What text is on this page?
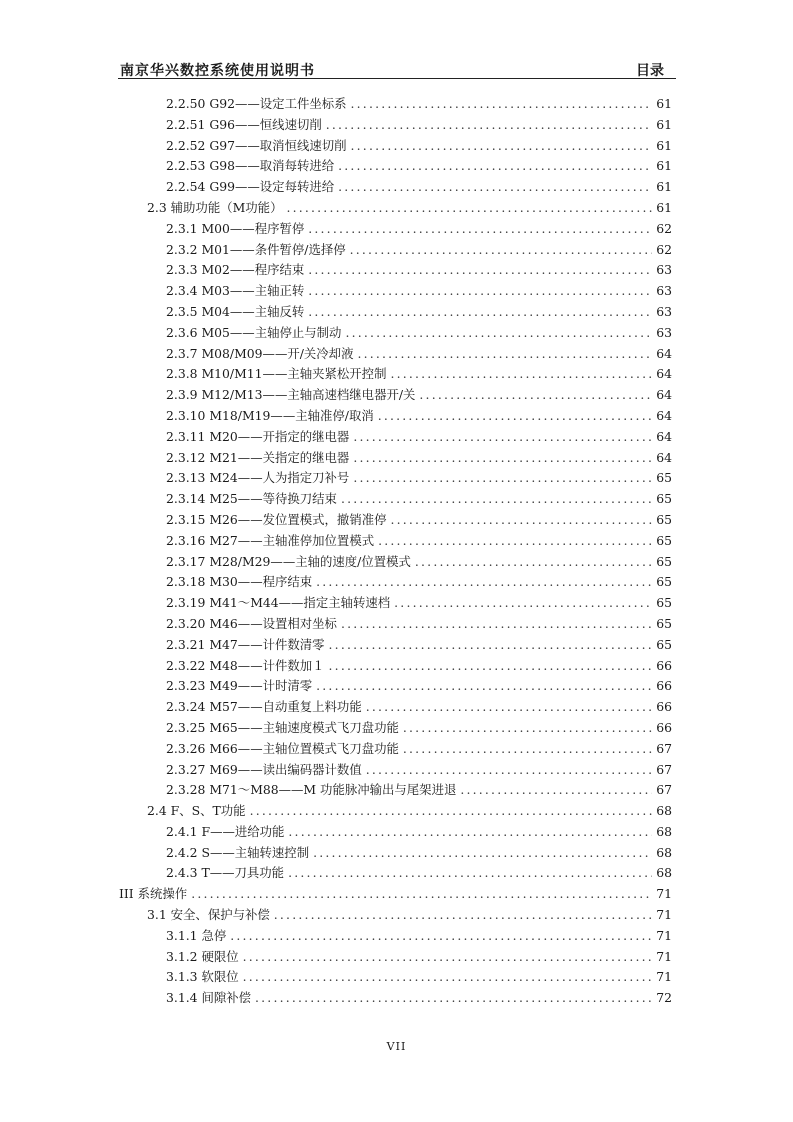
南京华兴数控系统使用说明书	目录
2.2.50 G92——设定工件坐标系 .....	61
2.2.51 G96——恒线速切削 .....	61
2.2.52 G97——取消恒线速切削 .....	61
2.2.53 G98——取消每转进给 .....	61
2.2.54 G99——设定每转进给 .....	61
2.3 辅助功能（M功能） .....	61
2.3.1 M00——程序暂停 .....	62
2.3.2 M01——条件暂停/选择停 .....	62
2.3.3 M02——程序结束 .....	63
2.3.4 M03——主轴正转 .....	63
2.3.5 M04——主轴反转 .....	63
2.3.6 M05——主轴停止与制动 .....	63
2.3.7 M08/M09——开/关冷却液 .....	64
2.3.8 M10/M11——主轴夹紧松开控制 .....	64
2.3.9 M12/M13——主轴高速档继电器开/关 .....	64
2.3.10 M18/M19——主轴准停/取消 .....	64
2.3.11 M20——开指定的继电器 .....	64
2.3.12 M21——关指定的继电器 .....	64
2.3.13 M24——人为指定刀补号 .....	65
2.3.14 M25——等待换刀结束 .....	65
2.3.15 M26——发位置模式，撤销准停 .....	65
2.3.16 M27——主轴准停加位置模式 .....	65
2.3.17 M28/M29——主轴的速度/位置模式 .....	65
2.3.18 M30——程序结束 .....	65
2.3.19 M41～M44——指定主轴转速档 .....	65
2.3.20 M46——设置相对坐标 .....	65
2.3.21 M47——计件数清零 .....	65
2.3.22 M48——计件数加１ .....	66
2.3.23 M49——计时清零 .....	66
2.3.24 M57——自动重复上料功能 .....	66
2.3.25 M65——主轴速度模式飞刀盘功能 .....	66
2.3.26 M66——主轴位置模式飞刀盘功能 .....	67
2.3.27 M69——读出编码器计数值 .....	67
2.3.28 M71～M88——M 功能脉冲输出与尾架进退 .....	67
2.4 F、S、T功能 .....	68
2.4.1 F——进给功能 .....	68
2.4.2 S——主轴转速控制 .....	68
2.4.3 T——刀具功能 .....	68
III 系统操作 .....	71
3.1 安全、保护与补偿 .....	71
3.1.1 急停 .....	71
3.1.2 硬限位 .....	71
3.1.3 软限位 .....	71
3.1.4 间隙补偿 .....	72
VII
